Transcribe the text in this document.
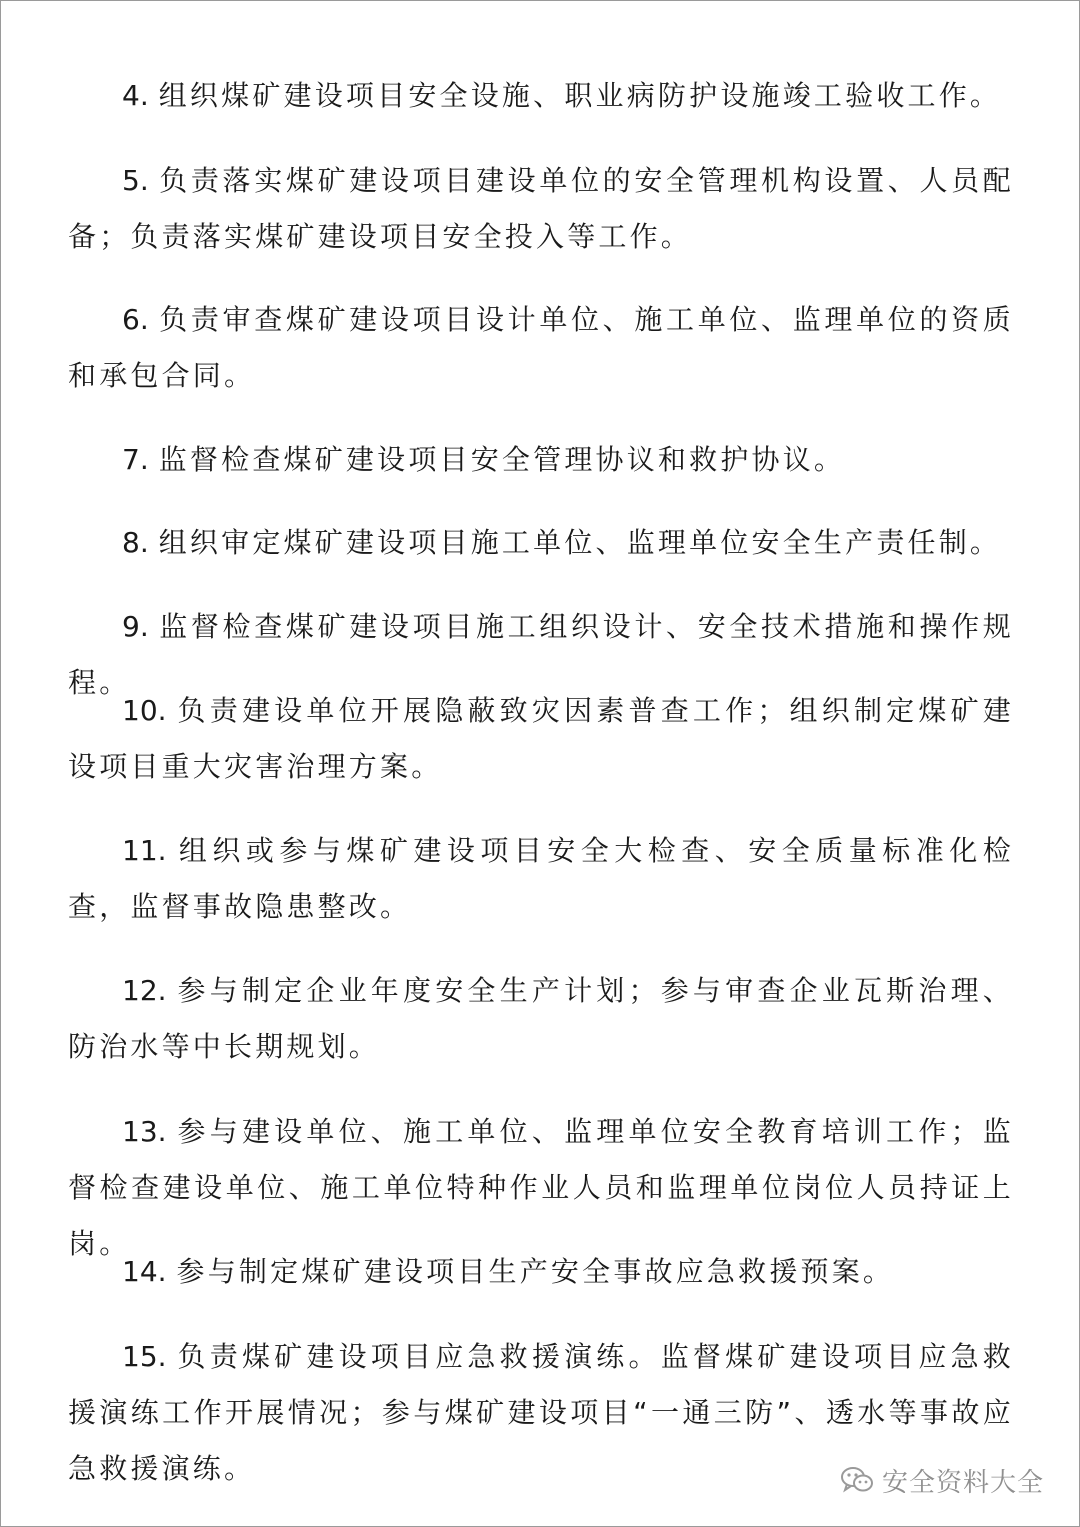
4. 组织煤矿建设项目安全设施、职业病防护设施竣工验收工作。

5. 负责落实煤矿建设项目建设单位的安全管理机构设置、人员配备；负责落实煤矿建设项目安全投入等工作。

6. 负责审查煤矿建设项目设计单位、施工单位、监理单位的资质和承包合同。

7. 监督检查煤矿建设项目安全管理协议和救护协议。

8. 组织审定煤矿建设项目施工单位、监理单位安全生产责任制。

9. 监督检查煤矿建设项目施工组织设计、安全技术措施和操作规程。

10. 负责建设单位开展隐蔽致灾因素普查工作；组织制定煤矿建设项目重大灾害治理方案。

11. 组织或参与煤矿建设项目安全大检查、安全质量标准化检查，监督事故隐患整改。

12. 参与制定企业年度安全生产计划；参与审查企业瓦斯治理、防治水等中长期规划。

13. 参与建设单位、施工单位、监理单位安全教育培训工作；监督检查建设单位、施工单位特种作业人员和监理单位岗位人员持证上岗。

14. 参与制定煤矿建设项目生产安全事故应急救援预案。

15. 负责煤矿建设项目应急救援演练。监督煤矿建设项目应急救援演练工作开展情况；参与煤矿建设项目“一通三防”、透水等事故应急救援演练。	安全资料大全
